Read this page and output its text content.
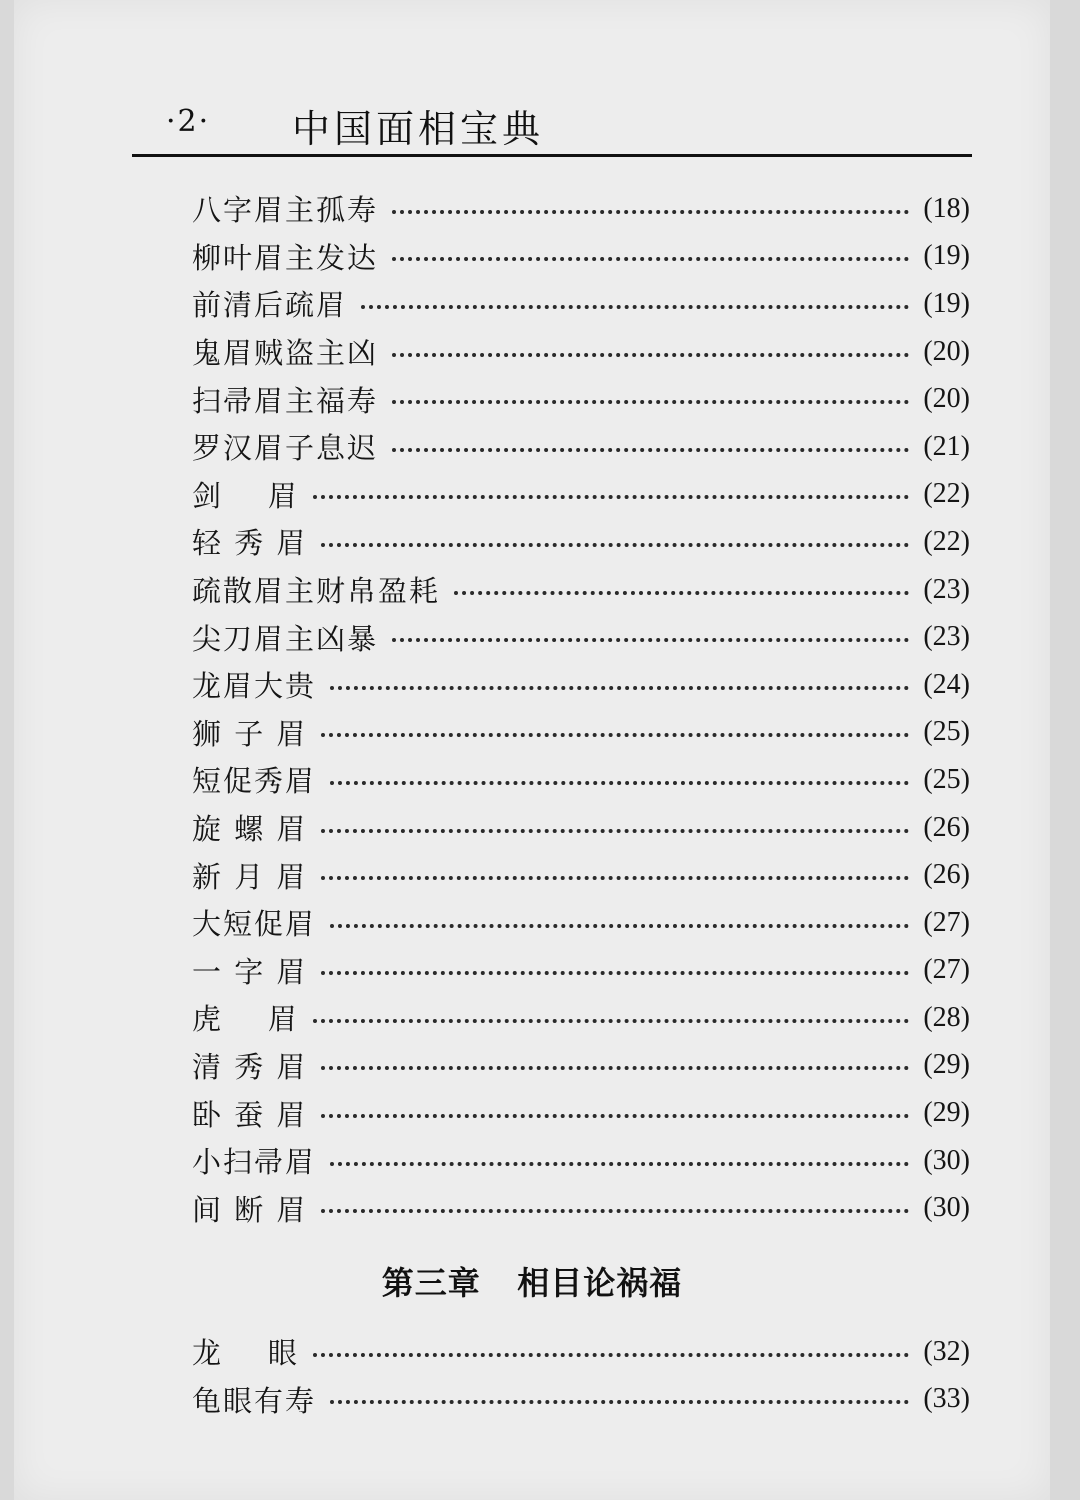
·2· 中国面相宝典
八字眉主孤寿	(18)
柳叶眉主发达	(19)
前清后疏眉	(19)
鬼眉贼盗主凶	(20)
扫帚眉主福寿	(20)
罗汉眉子息迟	(21)
剑    眉	(22)
轻 秀 眉	(22)
疏散眉主财帛盈耗	(23)
尖刀眉主凶暴	(23)
龙眉大贵	(24)
狮 子 眉	(25)
短促秀眉	(25)
旋 螺 眉	(26)
新 月 眉	(26)
大短促眉	(27)
一 字 眉	(27)
虎    眉	(28)
清 秀 眉	(29)
卧 蚕 眉	(29)
小扫帚眉	(30)
间 断 眉	(30)
第三章 相目论祸福
龙    眼	(32)
龟眼有寿	(33)
